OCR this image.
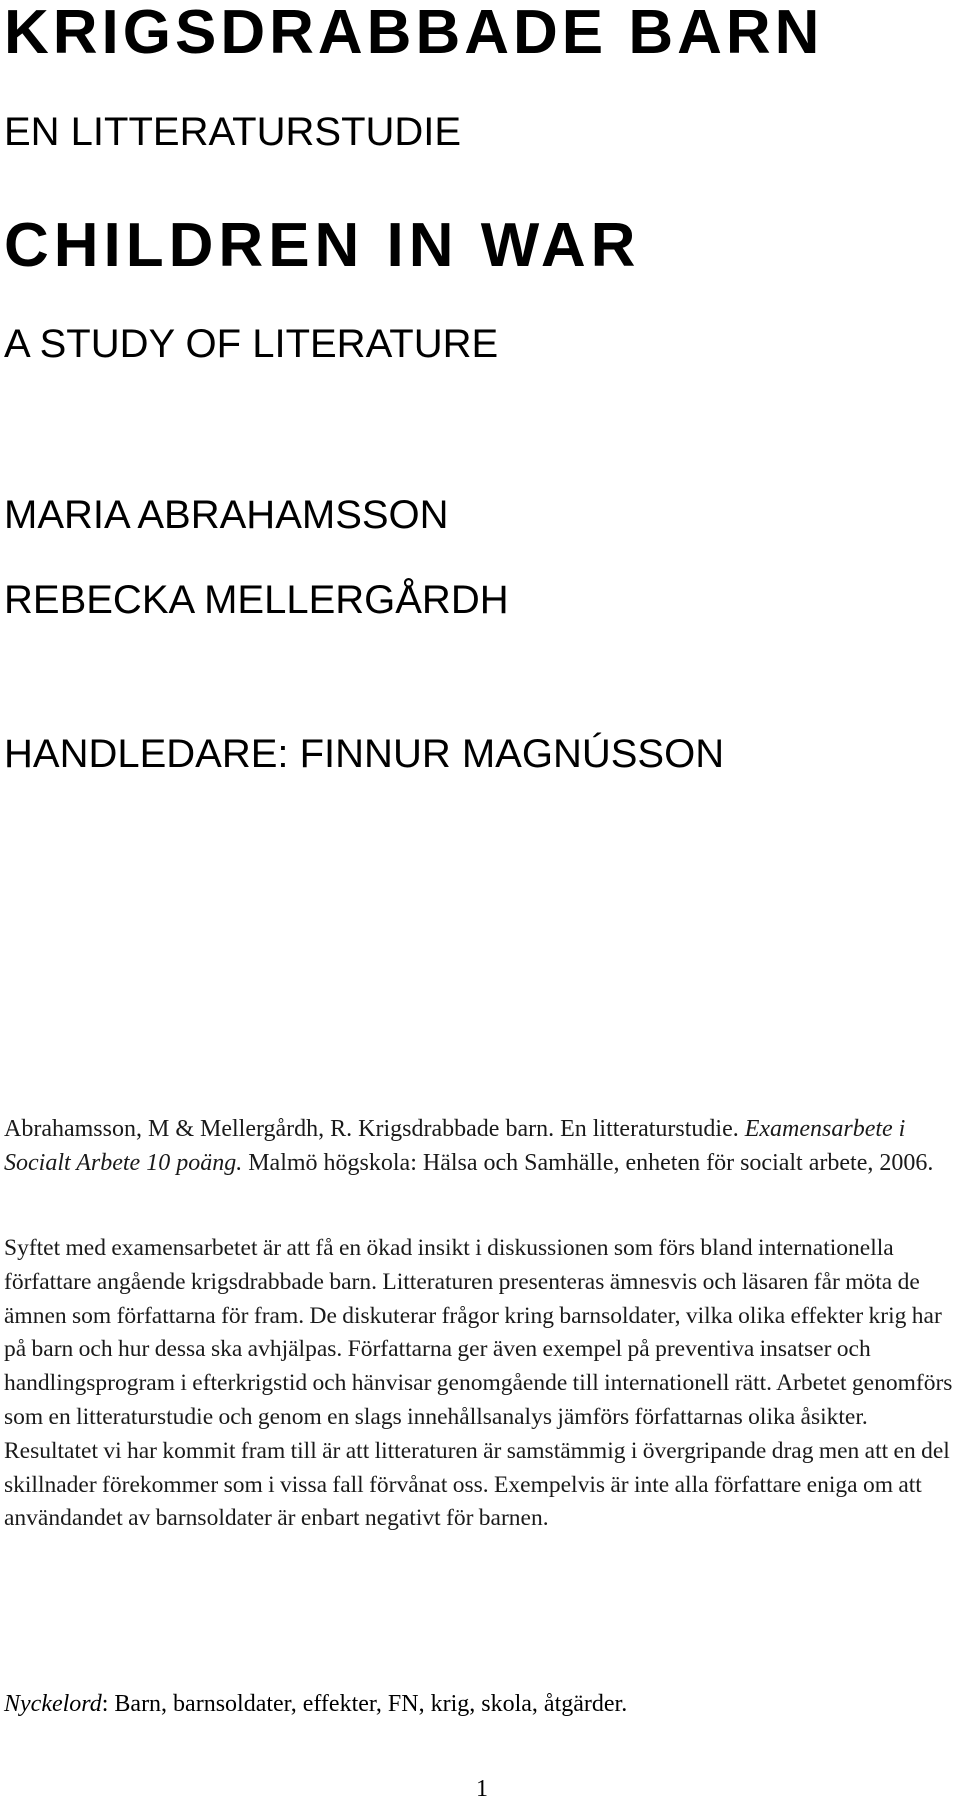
KRIGSDRABBADE BARN
EN LITTERATURSTUDIE
CHILDREN IN WAR
A STUDY OF LITERATURE

MARIA ABRAHAMSSON

REBECKA MELLERGÅRDH

HANDLEDARE: FINNUR MAGNÚSSON

Abrahamsson, M & Mellergårdh, R. Krigsdrabbade barn. En litteraturstudie. Examensarbete i Socialt Arbete 10 poäng. Malmö högskola: Hälsa och Samhälle, enheten för socialt arbete, 2006.

Syftet med examensarbetet är att få en ökad insikt i diskussionen som förs bland internationella författare angående krigsdrabbade barn. Litteraturen presenteras ämnesvis och läsaren får möta de ämnen som författarna för fram. De diskuterar frågor kring barnsoldater, vilka olika effekter krig har på barn och hur dessa ska avhjälpas. Författarna ger även exempel på preventiva insatser och handlingsprogram i efterkrigstid och hänvisar genomgående till internationell rätt. Arbetet genomförs som en litteraturstudie och genom en slags innehållsanalys jämförs författarnas olika åsikter. Resultatet vi har kommit fram till är att litteraturen är samstämmig i övergripande drag men att en del skillnader förekommer som i vissa fall förvånat oss. Exempelvis är inte alla författare eniga om att användandet av barnsoldater är enbart negativt för barnen.

Nyckelord: Barn, barnsoldater, effekter, FN, krig, skola, åtgärder.

1
